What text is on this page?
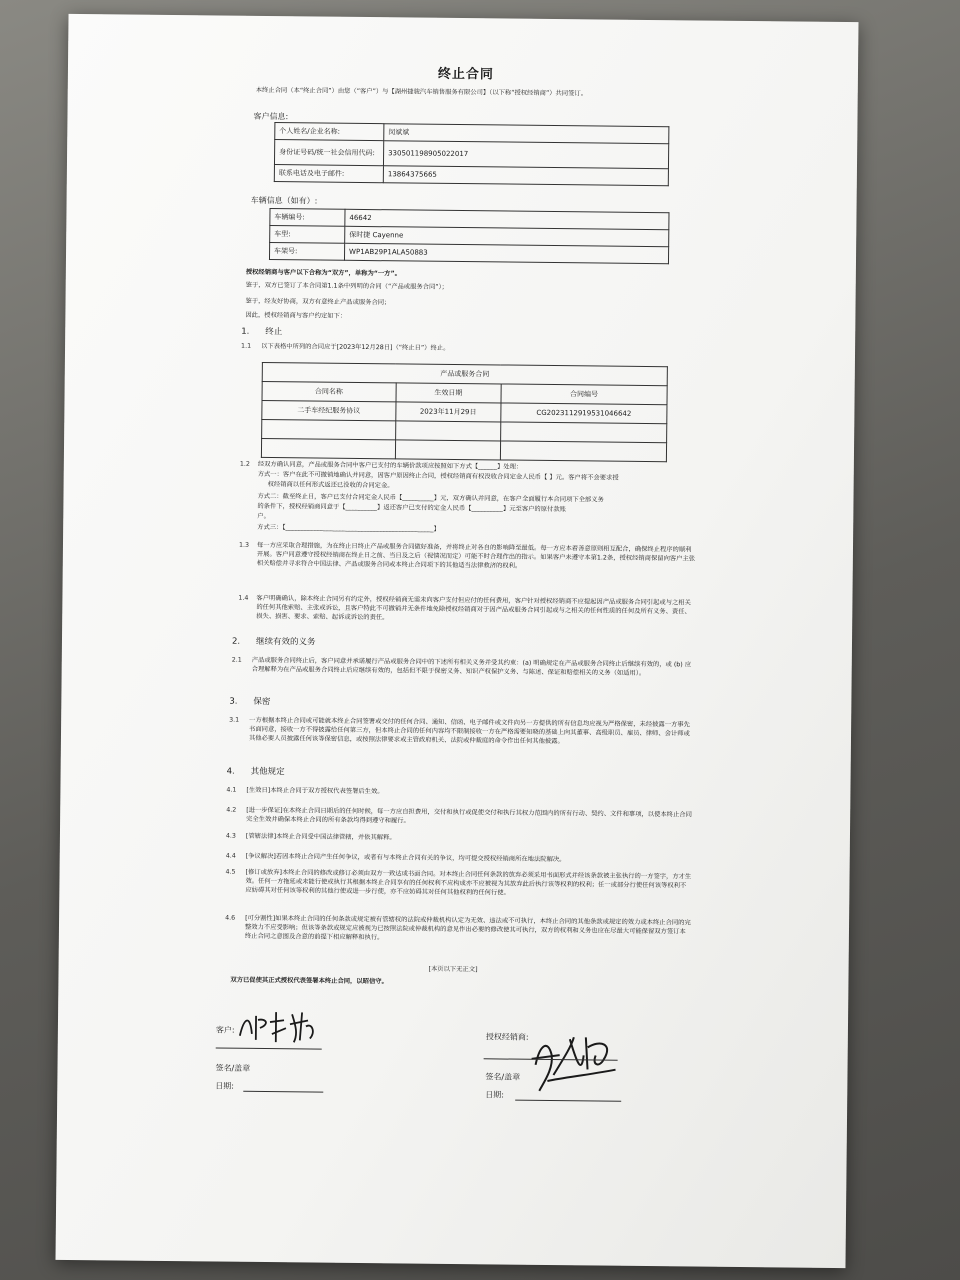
终止合同
本终止合同（本“终止合同”）由您（“客户”）与【湖州捷骏汽车销售服务有限公司】（以下称“授权经销商”）共同签订。
客户信息:
个人姓名/企业名称:	闵斌斌
身份证号码/统一社会信用代码:	330501198905022017
联系电话及电子邮件:	13864375665
车辆信息（如有）:
车辆编号:	46642
车型:	保时捷 Cayenne
车架号:	WP1AB29P1ALA50883
授权经销商与客户以下合称为“双方”，单称为“一方”。
鉴于，双方已签订了本合同第1.1条中列明的合同（“产品或服务合同”）；
鉴于，经友好协商，双方有意终止产品或服务合同；
因此，授权经销商与客户约定如下：
1. 终止
1.1 以下表格中所列的合同应于[2023年12月28日]（“终止日”）终止。
产品或服务合同		
合同名称	生效日期	合同编号
二手车经纪服务协议	2023年11月29日	CG2023112919531046642

1.2 经双方确认同意，产品或服务合同中客户已支付的车辆价款项应按照如下方式【______】处理：
方式一：客户在此不可撤销地确认并同意，因客户原因终止合同，授权经销商有权没收合同定金人民币【 】元。客户将不会要求授
权经销商以任何形式返还已没收的合同定金。
方式二：截至终止日，客户已支付合同定金人民币【__________】元，双方确认并同意，在客户全面履行本合同项下全部义务
的条件下，授权经销商同意于【__________】返还客户已支付的定金人民币【__________】元至客户的原付款账
户。
方式三：【_______________________________________________】
1.3 每一方应采取合理措施，为在终止日终止产品或服务合同做好准备，并将终止对各自的影响降至最低。每一方应本着善意原则相互配合，确保终止程序的顺利开展。客户同意遵守授权经销商在终止日之前、当日及之后（视情况而定）可能不时合理作出的指示。如果客户未遵守本第1.2条，授权经销商保留向客户主张相关赔偿并寻求符合中国法律、产品或服务合同或本终止合同项下的其他适当法律救济的权利。
1.4 客户明确确认，除本终止合同另有约定外，授权经销商无需未向客户支付但应付的任何费用，客户针对授权经销商不应提起因产品或服务合同引起或与之相关的任何其他索赔、主张或诉讼，且客户特此不可撤销并无条件地免除授权经销商对于因产品或服务合同引起或与之相关的任何性质的任何及所有义务、责任、损失、损害、要求、索赔、起诉或诉讼的责任。
2. 继续有效的义务
2.1 产品或服务合同终止后，客户同意并承诺履行产品或服务合同中的下述所有相关义务并受其约束：(a) 明确规定在产品或服务合同终止后继续有效的，或 (b) 应合理解释为在产品或服务合同终止后应继续有效的，包括但不限于保密义务、知识产权保护义务、与陈述、保证和赔偿相关的义务（如适用）。
3. 保密
3.1 一方根据本终止合同或可能就本终止合同签署或交付的任何合同、通知、信函、电子邮件或文件向另一方提供的所有信息均应视为严格保密，未经披露一方事先书面同意，接收一方不得披露给任何第三方，但本终止合同的任何内容均不限制接收一方在严格需要知晓的基础上向其董事、高级职员、雇员、律师、会计师或其他必要人员披露任何该等保密信息，或按照法律要求或主管政府机关、法院或仲裁庭的命令作出任何其他披露。
4. 其他规定
4.1 [生效日]本终止合同于双方授权代表签署后生效。
4.2 [进一步保证]在本终止合同日期后的任何时候，每一方应自担费用，交付和执行或促使交付和执行其权力范围内的所有行动、契约、文件和事项，以使本终止合同完全生效并确保本终止合同的所有条款均得到遵守和履行。
4.3 [管辖法律]本终止合同受中国法律管辖，并依其解释。
4.4 [争议解决]若因本终止合同产生任何争议，或者有与本终止合同有关的争议，均可提交授权经销商所在地法院解决。
4.5 [修订或放弃]本终止合同的修改或修订必须由双方一致达成书面合同。对本终止合同任何条款的放弃必须采用书面形式并经该条款被主张执行的一方签字，方才生效。任何一方拖延或未能行使或执行其根据本终止合同享有的任何权利不应构成亦不应被视为其放弃此后执行该等权利的权利；任一或部分行使任何该等权利不应妨碍其对任何该等权利的其他行使或进一步行使，亦不应妨碍其对任何其他权利的任何行使。
4.6 [可分割性]如果本终止合同的任何条款或规定被有管辖权的法院或仲裁机构认定为无效、违法或不可执行，本终止合同的其他条款或规定的效力或本终止合同的完整效力不应受影响；但该等条款或规定应被视为已按照法院或仲裁机构的意见作出必要的修改使其可执行，双方的权利和义务也应在尽最大可能保留双方签订本终止合同之意图及合意的前提下相应解释和执行。
[本页以下无正文]
双方已促使其正式授权代表签署本终止合同，以昭信守。
客户:
签名/盖章
日期:
授权经销商:
签名/盖章
日期:
